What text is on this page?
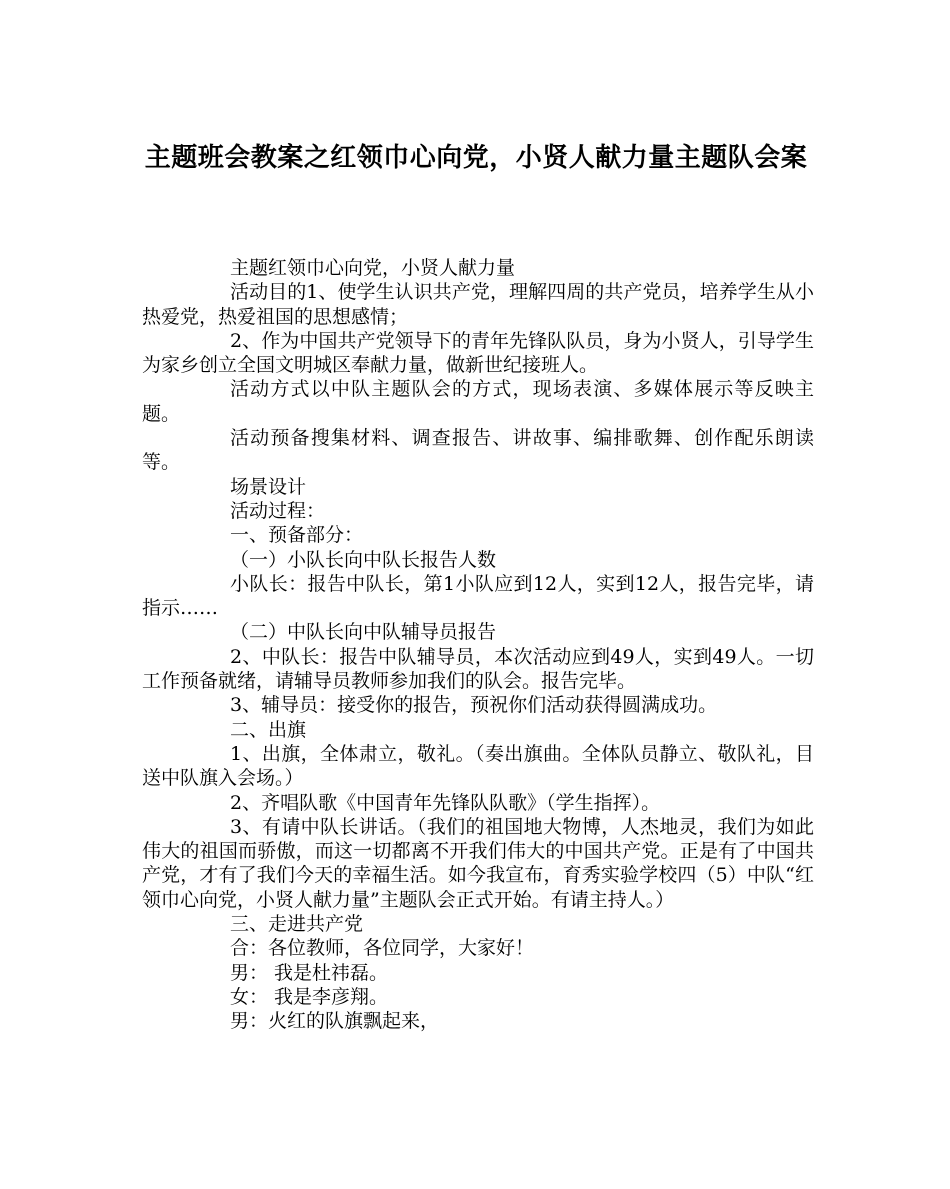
主题班会教案之红领巾心向党，小贤人献力量主题队会案

主题红领巾心向党，小贤人献力量

活动目的1、使学生认识共产党，理解四周的共产党员，培养学生从小热爱党，热爱祖国的思想感情；

2、作为中国共产党领导下的青年先锋队队员，身为小贤人，引导学生为家乡创立全国文明城区奉献力量，做新世纪接班人。

活动方式以中队主题队会的方式，现场表演、多媒体展示等反映主题。

活动预备搜集材料、调查报告、讲故事、编排歌舞、创作配乐朗读等。

场景设计

活动过程：

一、预备部分：

（一）小队长向中队长报告人数

小队长：报告中队长，第1小队应到12人，实到12人，报告完毕，请指示……

（二）中队长向中队辅导员报告

2、中队长：报告中队辅导员，本次活动应到49人，实到49人。一切工作预备就绪，请辅导员教师参加我们的队会。报告完毕。

3、辅导员：接受你的报告，预祝你们活动获得圆满成功。

二、出旗

1、出旗，全体肃立，敬礼。（奏出旗曲。全体队员静立、敬队礼，目送中队旗入会场。）

2、齐唱队歌《中国青年先锋队队歌》（学生指挥）。

3、有请中队长讲话。（我们的祖国地大物博，人杰地灵，我们为如此伟大的祖国而骄傲，而这一切都离不开我们伟大的中国共产党。正是有了中国共产党，才有了我们今天的幸福生活。如今我宣布，育秀实验学校四（5）中队“红领巾心向党，小贤人献力量”主题队会正式开始。有请主持人。）

三、走进共产党

合：各位教师，各位同学，大家好！

男： 我是杜祎磊。

女： 我是李彦翔。

男：火红的队旗飘起来，
